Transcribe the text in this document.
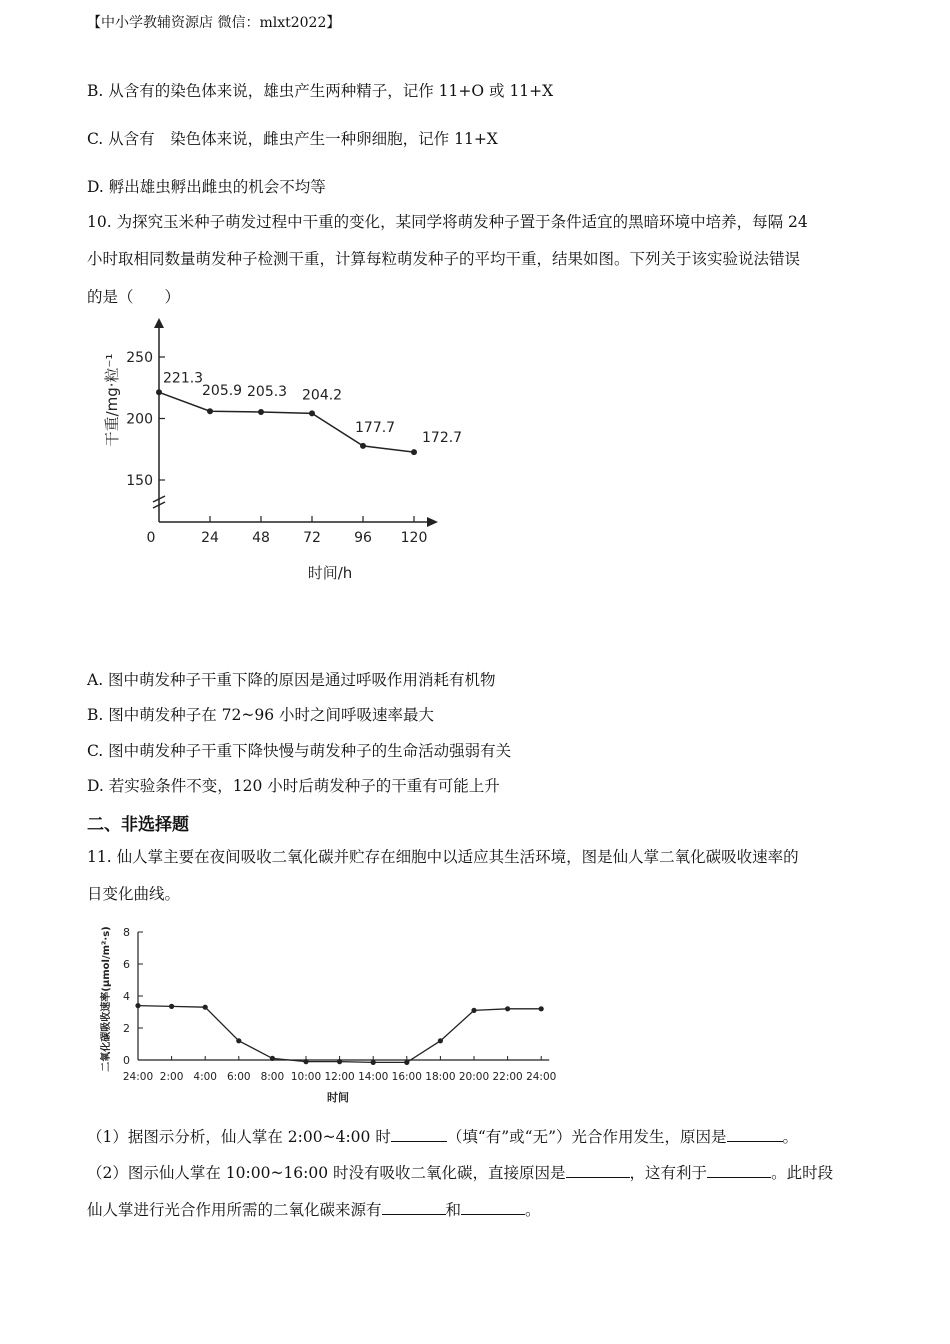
【中小学教辅资源店 微信：mlxt2022】
B. 从含有的染色体来说，雄虫产生两种精子，记作 11+O 或 11+X
C. 从含有　染色体来说，雌虫产生一种卵细胞，记作 11+X
D. 孵出雄虫孵出雌虫的机会不均等
10. 为探究玉米种子萌发过程中干重的变化，某同学将萌发种子置于条件适宜的黑暗环境中培养，每隔 24
小时取相同数量萌发种子检测干重，计算每粒萌发种子的平均干重，结果如图。下列关于该实验说法错误
的是（　　）
150
200
250
0	24 48 72 96 120
时间/h
干重/mg·粒⁻¹	221.3
205.9 205.3 204.2
177.7
172.7
A. 图中萌发种子干重下降的原因是通过呼吸作用消耗有机物
B. 图中萌发种子在 72~96 小时之间呼吸速率最大
C. 图中萌发种子干重下降快慢与萌发种子的生命活动强弱有关
D. 若实验条件不变，120 小时后萌发种子的干重有可能上升
二、非选择题
11. 仙人掌主要在夜间吸收二氧化碳并贮存在细胞中以适应其生活环境，图是仙人掌二氧化碳吸收速率的
日变化曲线。
0
2
4
6
8
24:00 2:00 4:00 6:00 8:00 10:00 12:00 14:00 16:00 18:00 20:00 22:00 24:00
时间
二氧化碳吸收速率(μmol/m²·s)
（1）据图示分析，仙人掌在 2:00~4:00 时	（填“有”或“无”）光合作用发生，原因是	。
（2）图示仙人掌在 10:00~16:00 时没有吸收二氧化碳，直接原因是	，这有利于	。此时段
仙人掌进行光合作用所需的二氧化碳来源有	和	。
